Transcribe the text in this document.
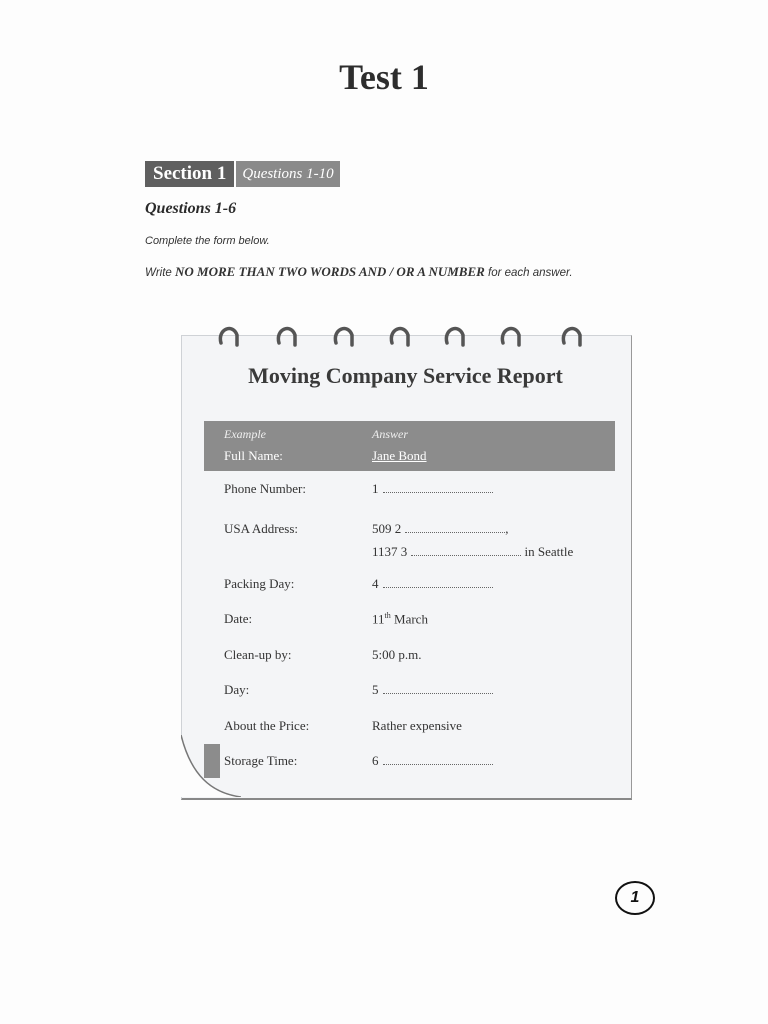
Test 1
Section 1	Questions 1-10
Questions 1-6
Complete the form below.
Write NO MORE THAN TWO WORDS AND / OR A NUMBER for each answer.
Moving Company Service Report
Example	Answer
Full Name:	Jane Bond
Phone Number:	1
USA Address:	509 2	,
1137 3	in Seattle
Packing Day:	4
Date:	11th March
Clean-up by:	5:00 p.m.
Day:	5
About the Price:	Rather expensive
Storage Time:	6
1
